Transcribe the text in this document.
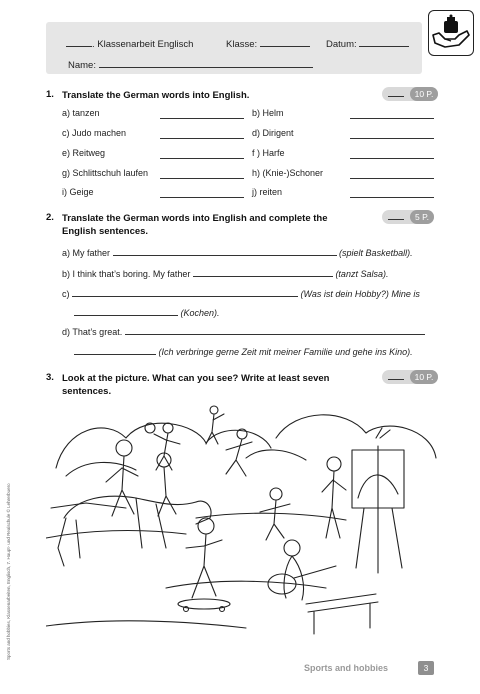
. Klassenarbeit Englisch	Klasse:	Datum:
Name:
1. Translate the German words into English.	10 P.
a) tanzen	b) Helm
c) Judo machen	d) Dirigent
e) Reitweg	f ) Harfe
g) Schlittschuh laufen	h) (Knie-)Schoner
i) Geige	j) reiten
2. Translate the German words into English and complete the
English sentences.
5 P.
a) My father	(spielt Basketball).
b) I think that’s boring. My father	(tanzt Salsa).
c)	(Was ist dein Hobby?) Mine is
(Kochen).
d) That’s great.
(Ich verbringe gerne Zeit mit meiner Familie und gehe ins Kino).
3. Look at the picture. What can you see? Write at least seven
sentences.
10 P.
Sports and hobbies, Klassenarbeiten, Englisch, 7. Haupt- und Realschule © Lehrerbuero
Sports and hobbies	3
